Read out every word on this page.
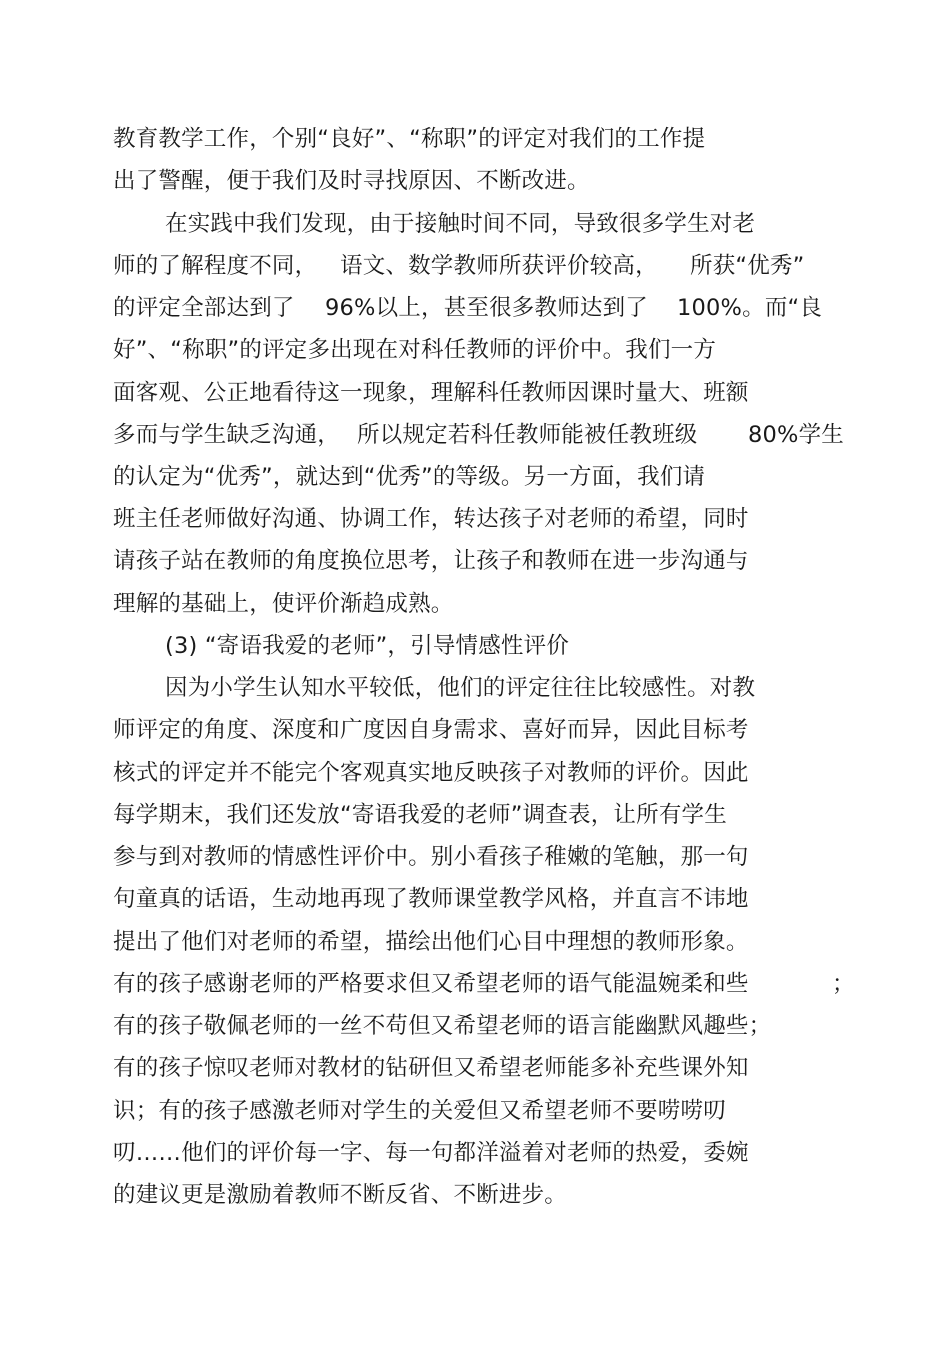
教育教学工作，个别“良好”、“称职”的评定对我们的工作提
出了警醒，便于我们及时寻找原因、不断改进。
在实践中我们发现，由于接触时间不同，导致很多学生对老
师的了解程度不同， 语文、数学教师所获评价较高， 所获“优秀”
的评定全部达到了 96%以上，甚至很多教师达到了 100%。而“良
好”、“称职”的评定多出现在对科任教师的评价中。我们一方
面客观、公正地看待这一现象，理解科任教师因课时量大、班额
多而与学生缺乏沟通， 所以规定若科任教师能被任教班级 80%学生
的认定为“优秀”，就达到“优秀”的等级。另一方面，我们请
班主任老师做好沟通、协调工作，转达孩子对老师的希望，同时
请孩子站在教师的角度换位思考，让孩子和教师在进一步沟通与
理解的基础上，使评价渐趋成熟。
(3) “寄语我爱的老师”，引导情感性评价
因为小学生认知水平较低，他们的评定往往比较感性。对教
师评定的角度、深度和广度因自身需求、喜好而异，因此目标考
核式的评定并不能完个客观真实地反映孩子对教师的评价。因此
每学期末，我们还发放“寄语我爱的老师”调查表，让所有学生
参与到对教师的情感性评价中。别小看孩子稚嫩的笔触，那一句
句童真的话语，生动地再现了教师课堂教学风格，并直言不讳地
提出了他们对老师的希望，描绘出他们心目中理想的教师形象。
有的孩子感谢老师的严格要求但又希望老师的语气能温婉柔和些	；
有的孩子敬佩老师的一丝不苟但又希望老师的语言能幽默风趣些；
有的孩子惊叹老师对教材的钻研但又希望老师能多补充些课外知
识；有的孩子感激老师对学生的关爱但又希望老师不要唠唠叨
叨……他们的评价每一字、每一句都洋溢着对老师的热爱，委婉
的建议更是激励着教师不断反省、不断进步。
